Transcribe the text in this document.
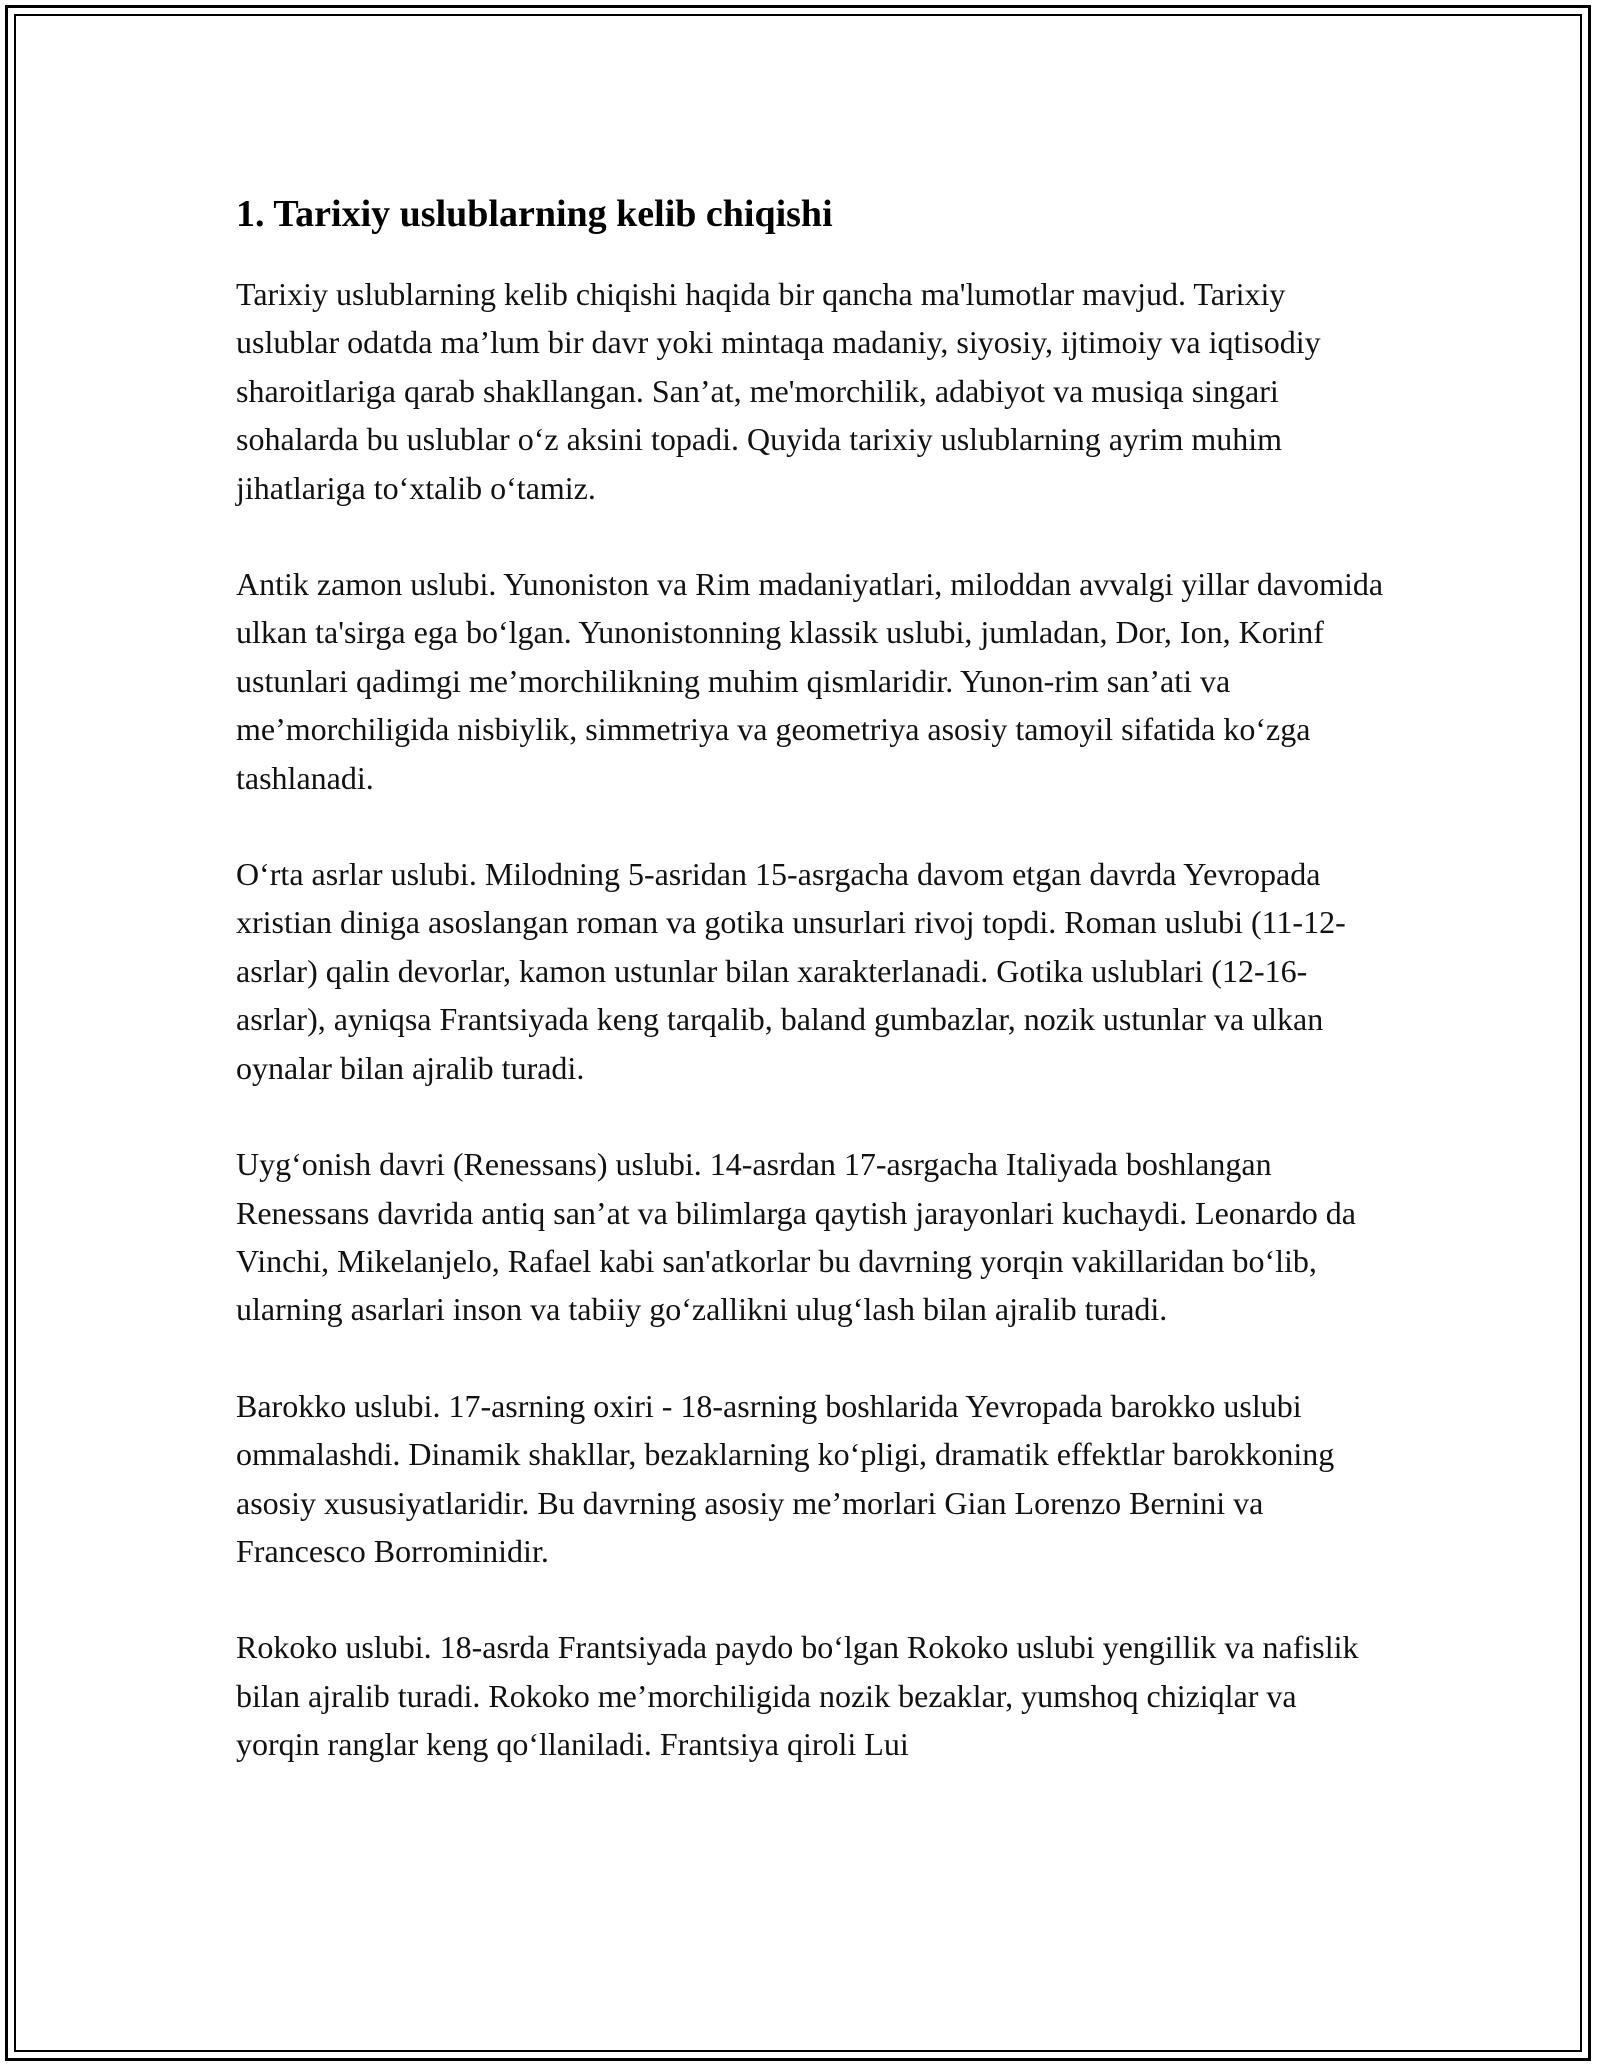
1. Tarixiy uslublarning kelib chiqishi

Tarixiy uslublarning kelib chiqishi haqida bir qancha ma'lumotlar mavjud. Tarixiy uslublar odatda ma’lum bir davr yoki mintaqa madaniy, siyosiy, ijtimoiy va iqtisodiy sharoitlariga qarab shakllangan. San’at, me'morchilik, adabiyot va musiqa singari sohalarda bu uslublar o‘z aksini topadi. Quyida tarixiy uslublarning ayrim muhim jihatlariga to‘xtalib o‘tamiz.

Antik zamon uslubi. Yunoniston va Rim madaniyatlari, miloddan avvalgi yillar davomida ulkan ta'sirga ega bo‘lgan. Yunonistonning klassik uslubi, jumladan, Dor, Ion, Korinf ustunlari qadimgi me’morchilikning muhim qismlaridir. Yunon-rim san’ati va me’morchiligida nisbiylik, simmetriya va geometriya asosiy tamoyil sifatida ko‘zga tashlanadi.

O‘rta asrlar uslubi. Milodning 5-asridan 15-asrgacha davom etgan davrda Yevropada xristian diniga asoslangan roman va gotika unsurlari rivoj topdi. Roman uslubi (11-12-asrlar) qalin devorlar, kamon ustunlar bilan xarakterlanadi. Gotika uslublari (12-16-asrlar), ayniqsa Frantsiyada keng tarqalib, baland gumbazlar, nozik ustunlar va ulkan oynalar bilan ajralib turadi.

Uyg‘onish davri (Renessans) uslubi. 14-asrdan 17-asrgacha Italiyada boshlangan Renessans davrida antiq san’at va bilimlarga qaytish jarayonlari kuchaydi. Leonardo da Vinchi, Mikelanjelo, Rafael kabi san'atkorlar bu davrning yorqin vakillaridan bo‘lib, ularning asarlari inson va tabiiy go‘zallikni ulug‘lash bilan ajralib turadi.

Barokko uslubi. 17-asrning oxiri - 18-asrning boshlarida Yevropada barokko uslubi ommalashdi. Dinamik shakllar, bezaklarning ko‘pligi, dramatik effektlar barokkoning asosiy xususiyatlaridir. Bu davrning asosiy me’morlari Gian Lorenzo Bernini va Francesco Borrominidir.

Rokoko uslubi. 18-asrda Frantsiyada paydo bo‘lgan Rokoko uslubi yengillik va nafislik bilan ajralib turadi. Rokoko me’morchiligida nozik bezaklar, yumshoq chiziqlar va yorqin ranglar keng qo‘llaniladi. Frantsiya qiroli Lui
